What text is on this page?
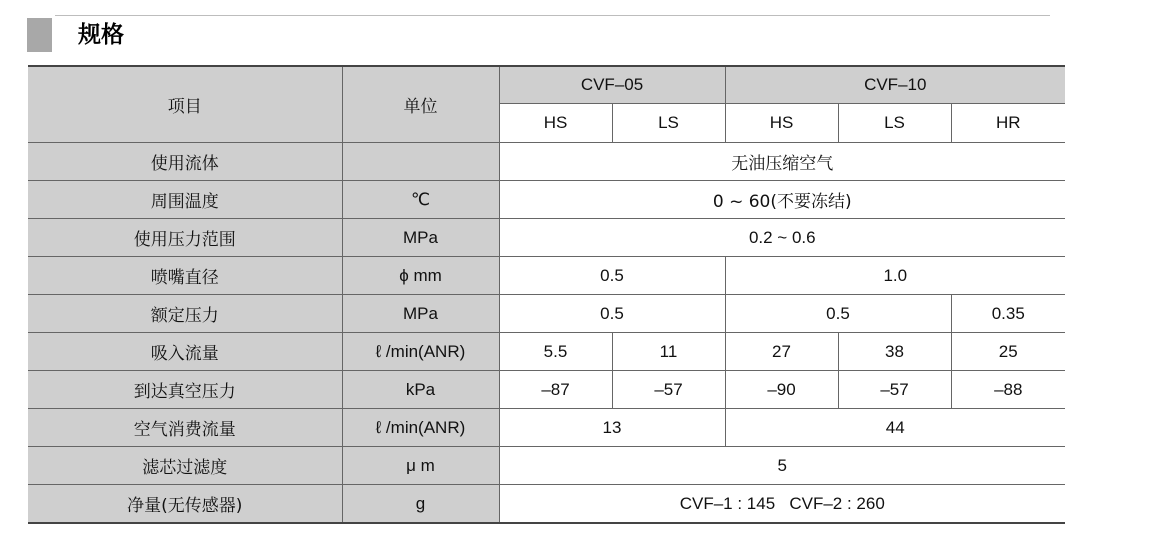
规格
项目	单位	CVF–05		CVF–10		
		HS	LS	HS	LS	HR
使用流体		无油压缩空气				
周围温度	℃	0 ~ 60(不要冻结)				
使用压力范围	MPa	0.2 ~ 0.6				
喷嘴直径	ϕ mm	0.5		1.0		
额定压力	MPa	0.5		0.5		0.35
吸入流量	ℓ /min(ANR)	5.5	11	27	38	25
到达真空压力	kPa	–87	–57	–90	–57	–88
空气消费流量	ℓ /min(ANR)	13		44		
滤芯过滤度	μ m	5				
净量(无传感器)	g	CVF–1 : 145   CVF–2 : 260				
